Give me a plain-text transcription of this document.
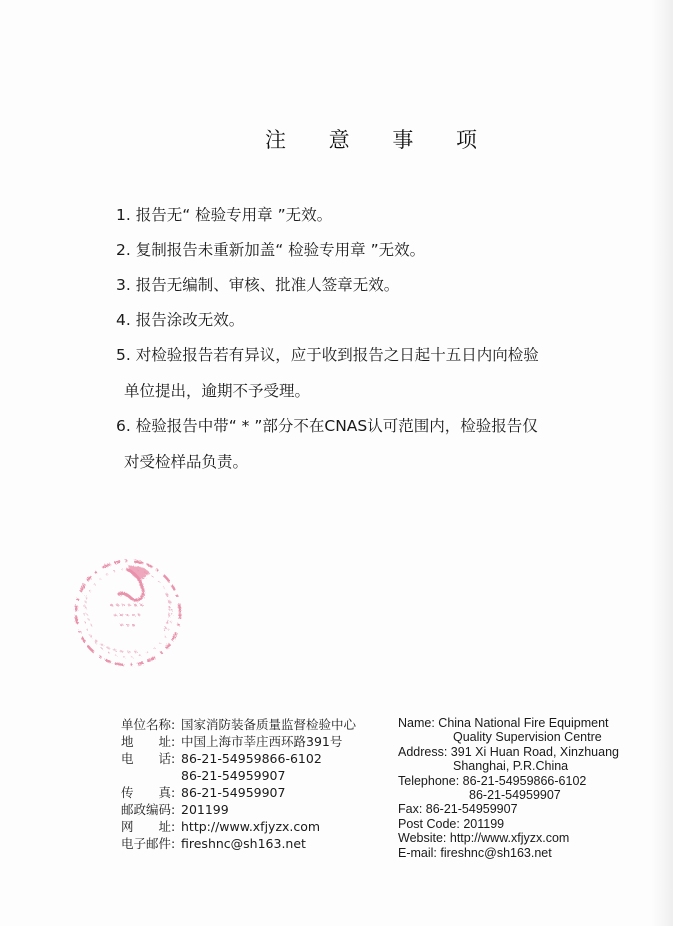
注 意 事 项
1. 报告无“ 检验专用章 ”无效。
2. 复制报告未重新加盖“ 检验专用章 ”无效。
3. 报告无编制、审核、批准人签章无效。
4. 报告涂改无效。
5. 对检验报告若有异议，应于收到报告之日起十五日内向检验
单位提出，逾期不予受理。
6. 检验报告中带“ * ”部分不在CNAS认可范围内，检验报告仅
对受检样品负责。
单位名称: 国家消防装备质量监督检验中心
地　　址: 中国上海市莘庄西环路391号
电　　话: 86-21-54959866-6102
86-21-54959907
传　　真: 86-21-54959907
邮政编码: 201199
网　　址: http://www.xfjyzx.com
电子邮件: fireshnc@sh163.net
Name: China National Fire Equipment
Quality Supervision Centre
Address: 391 Xi Huan Road, Xinzhuang
Shanghai, P.R.China
Telephone: 86-21-54959866-6102
86-21-54959907
Fax: 86-21-54959907
Post Code: 201199
Website: http://www.xfjyzx.com
E-mail: fireshnc@sh163.net
